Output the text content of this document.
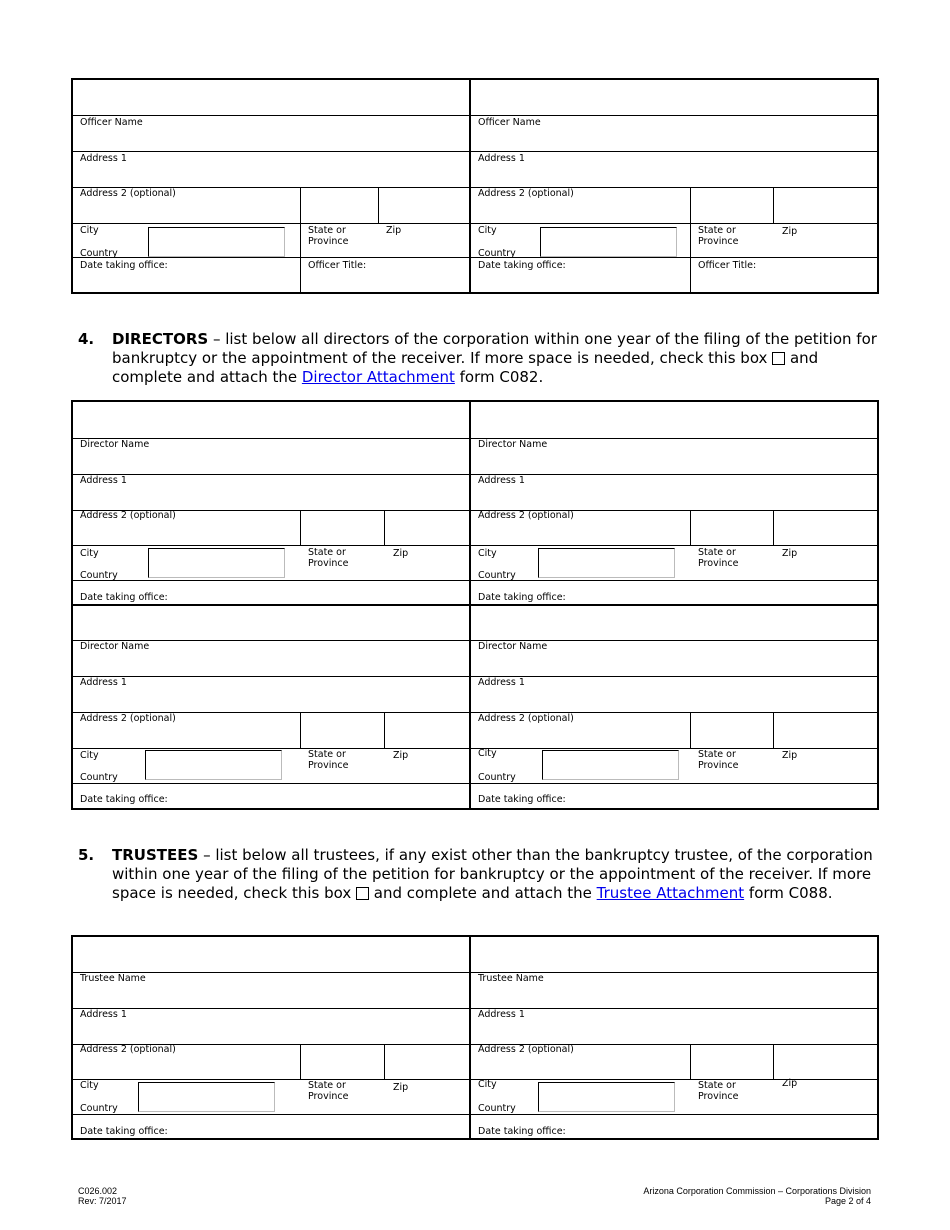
Officer Name
Address 1
Address 2 (optional)
City
Country
State or
Province
Zip
Date taking office:	Officer Title:
Officer Name
Address 1
Address 2 (optional)
City
Country
State or
Province
Zip
Date taking office:	Officer Title:
4. DIRECTORS – list below all directors of the corporation within one year of the filing of the petition for bankruptcy or the appointment of the receiver. If more space is needed, check this box  and complete and attach the Director Attachment form C082.
Director Name
Address 1
Address 2 (optional)
City
Country
State or
Province
Zip
Date taking office:
Director Name
Address 1
Address 2 (optional)
City
Country
State or
Province
Zip
Date taking office:
Director Name
Address 1
Address 2 (optional)
City
Country
State or
Province
Zip
Date taking office:
Director Name
Address 1
Address 2 (optional)
City
Country
State or
Province
Zip
Date taking office:
5. TRUSTEES – list below all trustees, if any exist other than the bankruptcy trustee, of the corporation within one year of the filing of the petition for bankruptcy or the appointment of the receiver. If more space is needed, check this box  and complete and attach the Trustee Attachment form C088.
Trustee Name
Address 1
Address 2 (optional)
City
Country
State or
Province
Zip
Date taking office:
Trustee Name
Address 1
Address 2 (optional)
City
Country
State or
Province
Zip
Date taking office:
C026.002
Rev: 7/2017
Arizona Corporation Commission – Corporations Division
Page 2 of 4
